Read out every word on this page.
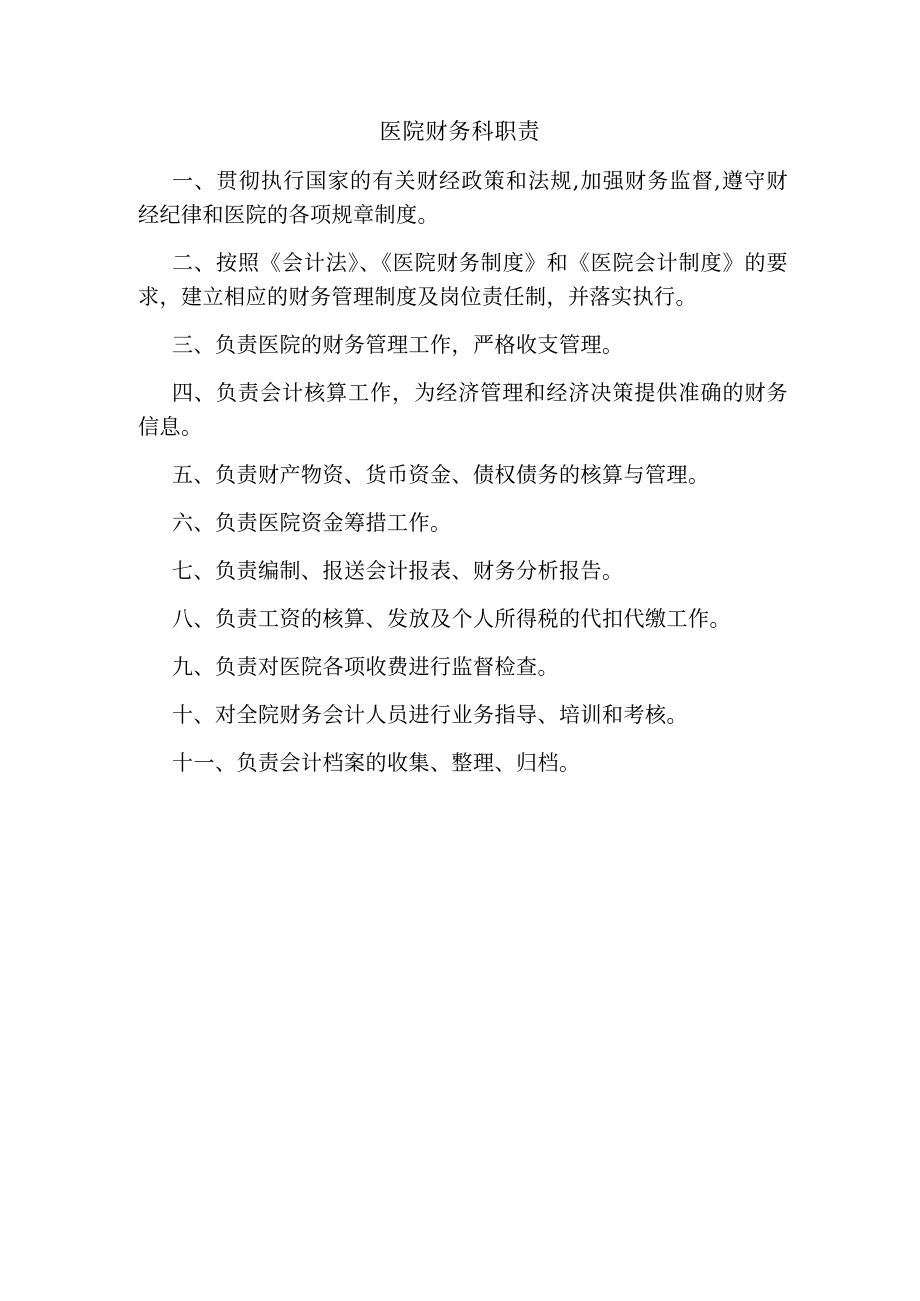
医院财务科职责

一、贯彻执行国家的有关财经政策和法规,加强财务监督,遵守财经纪律和医院的各项规章制度。

二、按照《会计法》、《医院财务制度》和《医院会计制度》的要求，建立相应的财务管理制度及岗位责任制，并落实执行。

三、负责医院的财务管理工作，严格收支管理。

四、负责会计核算工作，为经济管理和经济决策提供准确的财务信息。

五、负责财产物资、货币资金、债权债务的核算与管理。

六、负责医院资金筹措工作。

七、负责编制、报送会计报表、财务分析报告。

八、负责工资的核算、发放及个人所得税的代扣代缴工作。

九、负责对医院各项收费进行监督检查。

十、对全院财务会计人员进行业务指导、培训和考核。

十一、负责会计档案的收集、整理、归档。
